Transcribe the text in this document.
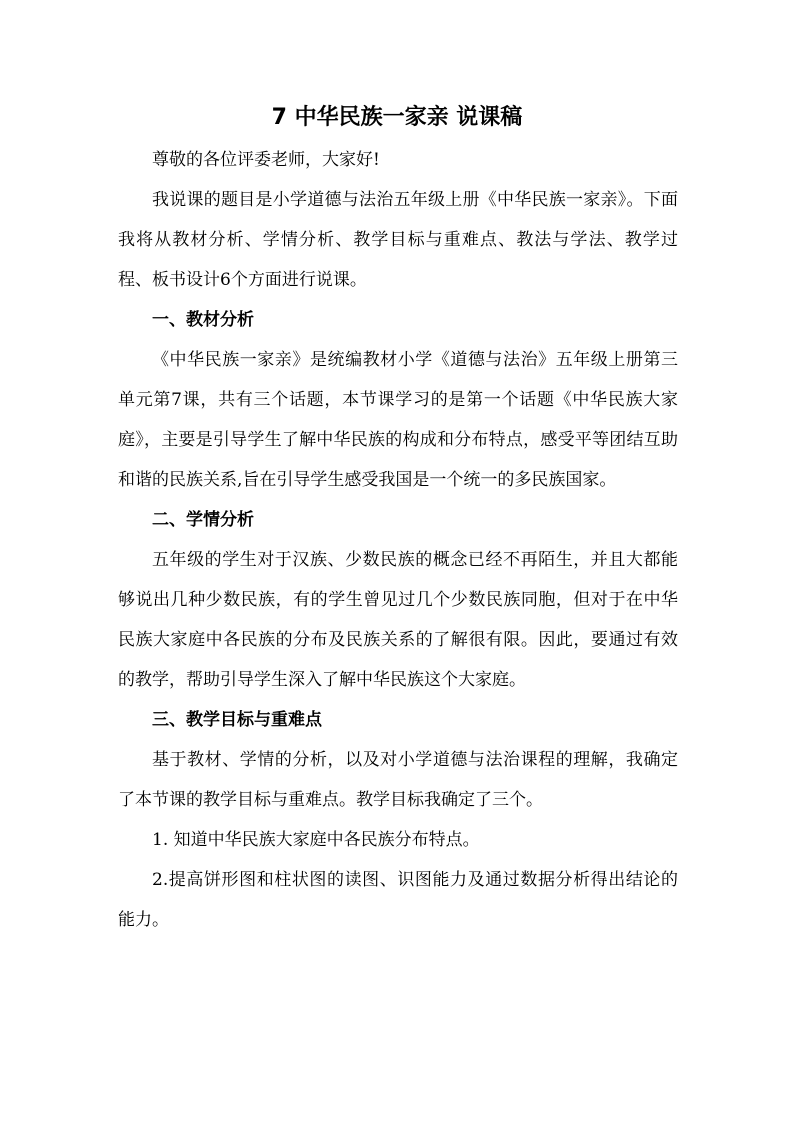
7 中华民族一家亲 说课稿

尊敬的各位评委老师，大家好!

我说课的题目是小学道德与法治五年级上册《中华民族一家亲》。下面我将从教材分析、学情分析、教学目标与重难点、教法与学法、教学过程、板书设计6个方面进行说课。

一、教材分析

《中华民族一家亲》是统编教材小学《道德与法治》五年级上册第三单元第7课，共有三个话题，本节课学习的是第一个话题《中华民族大家庭》，主要是引导学生了解中华民族的构成和分布特点，感受平等团结互助和谐的民族关系,旨在引导学生感受我国是一个统一的多民族国家。

二、学情分析

五年级的学生对于汉族、少数民族的概念已经不再陌生，并且大都能够说出几种少数民族，有的学生曾见过几个少数民族同胞，但对于在中华民族大家庭中各民族的分布及民族关系的了解很有限。因此，要通过有效的教学，帮助引导学生深入了解中华民族这个大家庭。

三、教学目标与重难点

基于教材、学情的分析，以及对小学道德与法治课程的理解，我确定了本节课的教学目标与重难点。教学目标我确定了三个。

1. 知道中华民族大家庭中各民族分布特点。

2.提高饼形图和柱状图的读图、识图能力及通过数据分析得出结论的能力。
